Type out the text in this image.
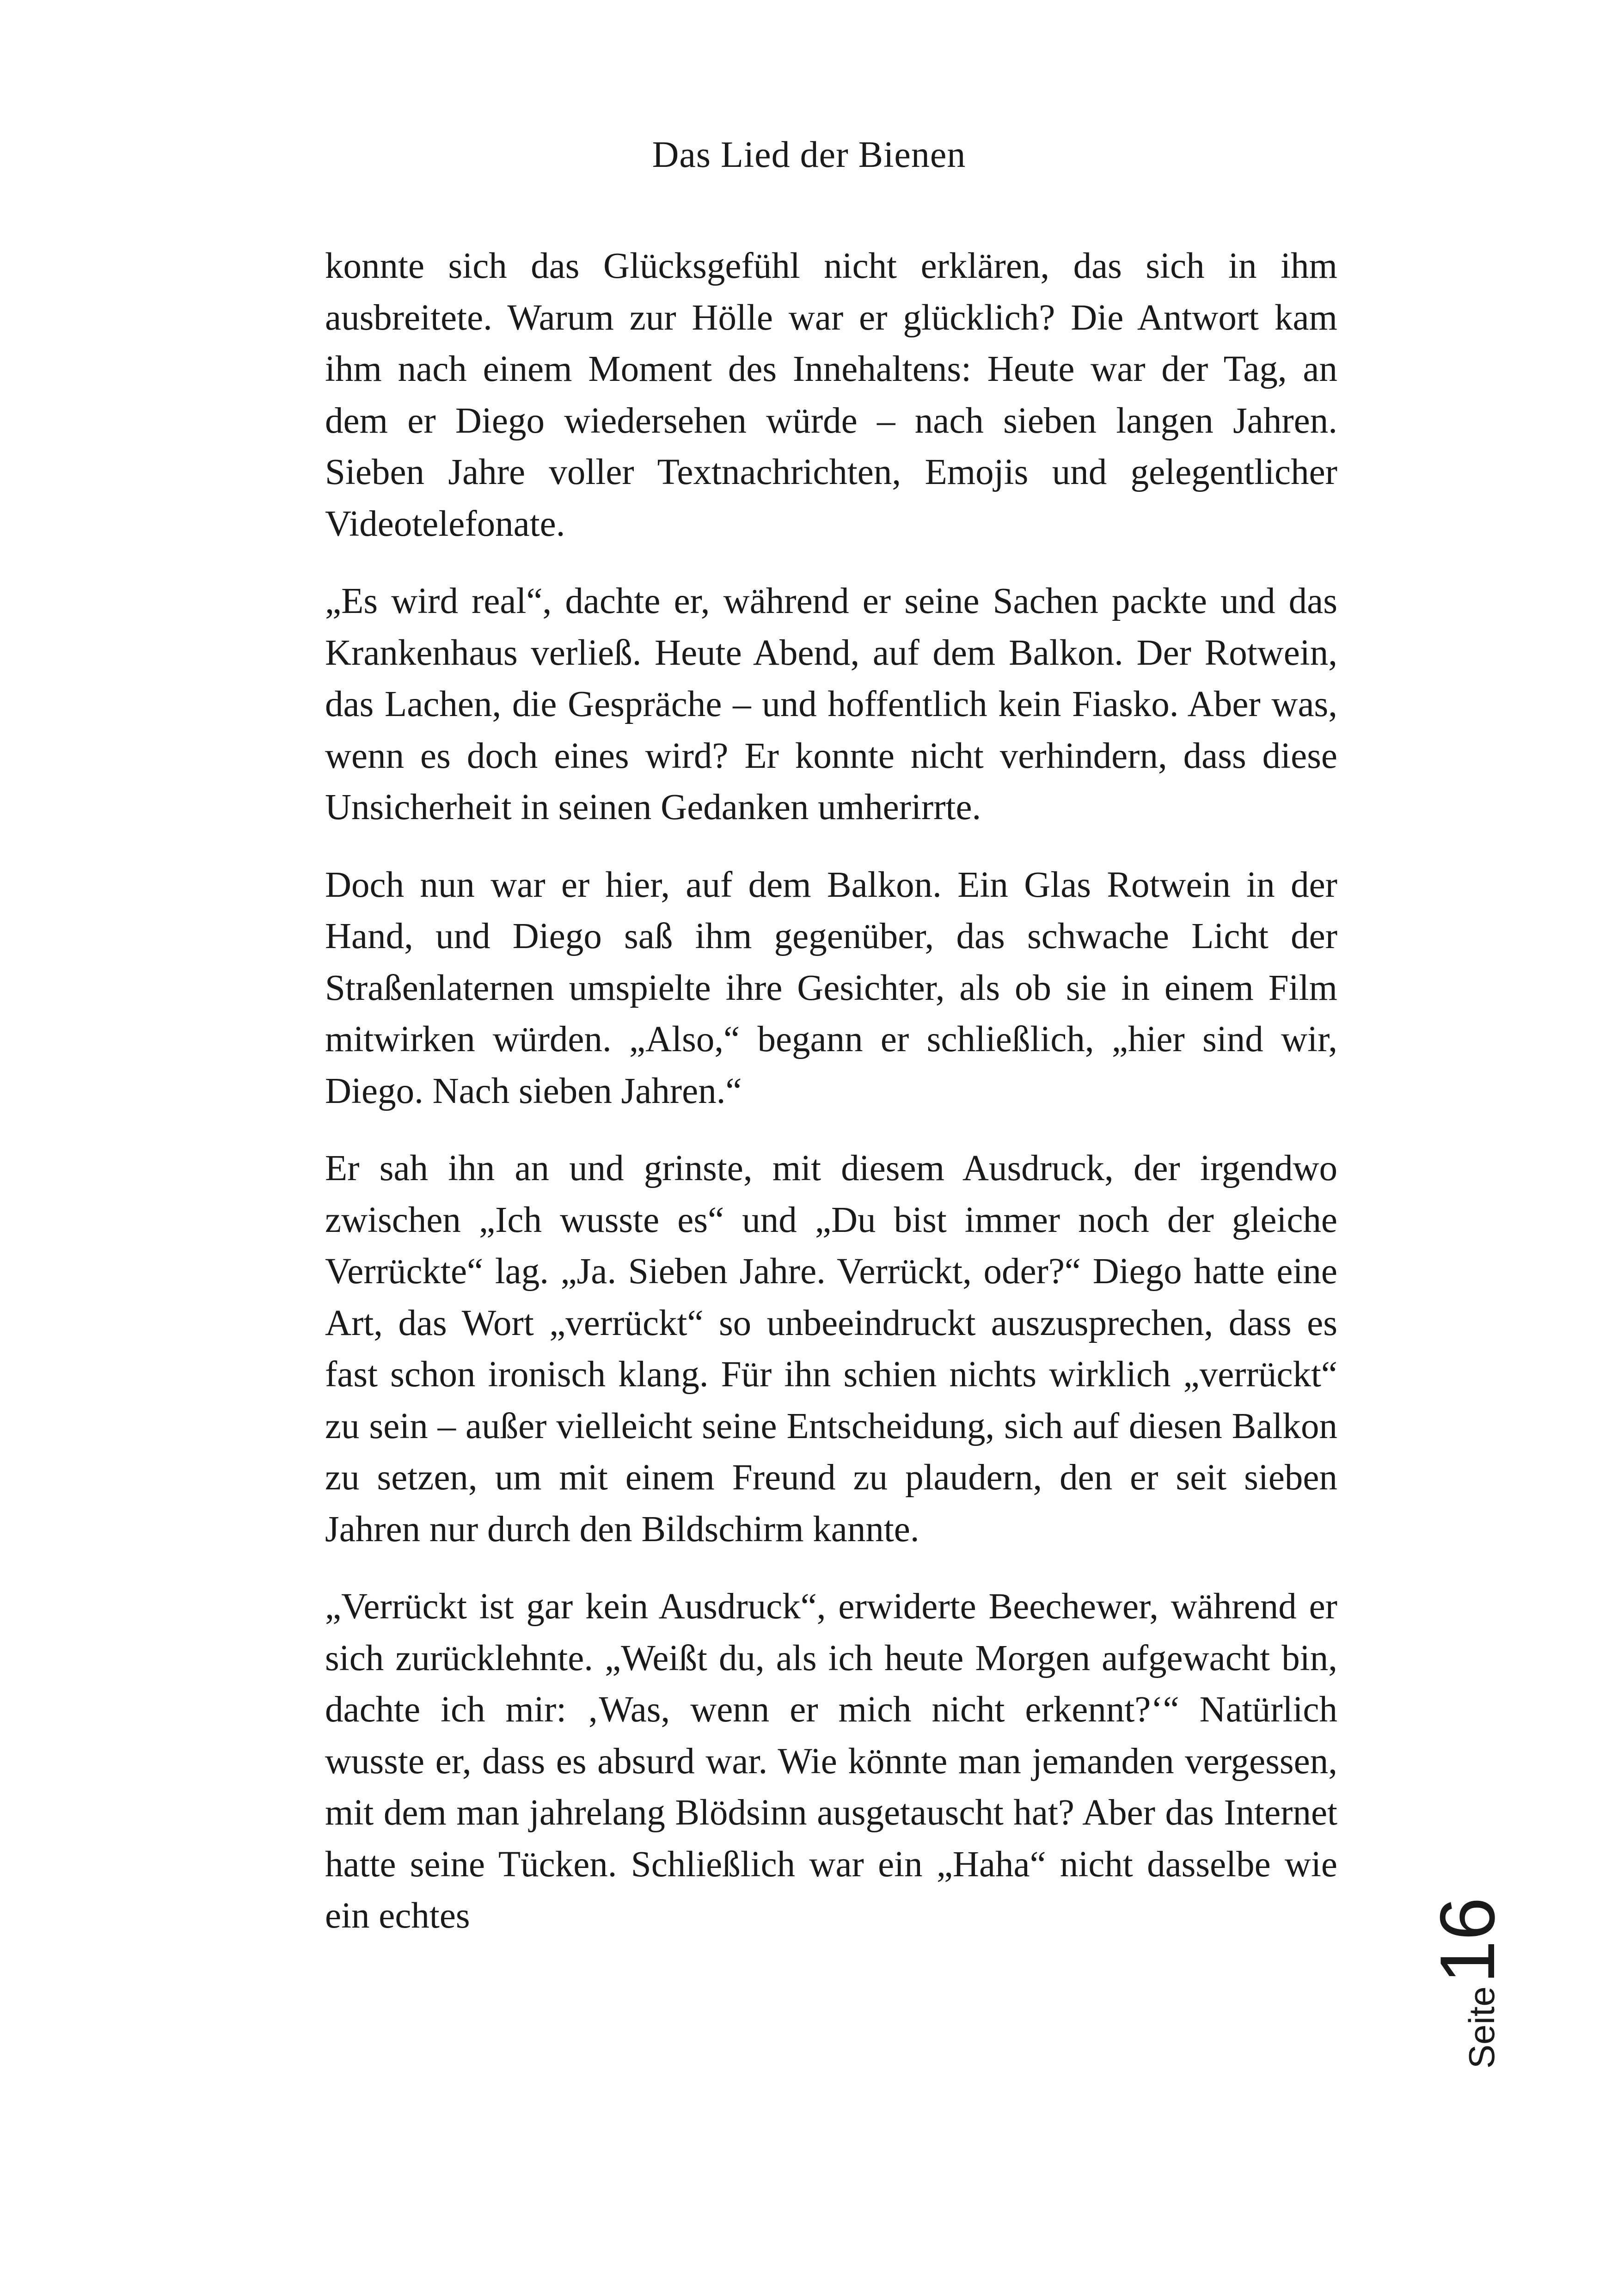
Das Lied der Bienen

konnte sich das Glücksgefühl nicht erklären, das sich in ihm ausbreitete. Warum zur Hölle war er glücklich? Die Antwort kam ihm nach einem Moment des Innehaltens: Heute war der Tag, an dem er Diego wiedersehen würde – nach sieben langen Jahren. Sieben Jahre voller Textnachrichten, Emojis und gelegentlicher Videotelefonate.

„Es wird real“, dachte er, während er seine Sachen packte und das Krankenhaus verließ. Heute Abend, auf dem Balkon. Der Rotwein, das Lachen, die Gespräche – und hoffentlich kein Fiasko. Aber was, wenn es doch eines wird? Er konnte nicht verhindern, dass diese Unsicherheit in seinen Gedanken umherirrte.

Doch nun war er hier, auf dem Balkon. Ein Glas Rotwein in der Hand, und Diego saß ihm gegenüber, das schwache Licht der Straßenlaternen umspielte ihre Gesichter, als ob sie in einem Film mitwirken würden. „Also,“ begann er schließlich, „hier sind wir, Diego. Nach sieben Jahren.“

Er sah ihn an und grinste, mit diesem Ausdruck, der irgendwo zwischen „Ich wusste es“ und „Du bist immer noch der gleiche Verrückte“ lag. „Ja. Sieben Jahre. Verrückt, oder?“ Diego hatte eine Art, das Wort „verrückt“ so unbeeindruckt auszusprechen, dass es fast schon ironisch klang. Für ihn schien nichts wirklich „verrückt“ zu sein – außer vielleicht seine Entscheidung, sich auf diesen Balkon zu setzen, um mit einem Freund zu plaudern, den er seit sieben Jahren nur durch den Bildschirm kannte.

„Verrückt ist gar kein Ausdruck“, erwiderte Beechewer, während er sich zurücklehnte. „Weißt du, als ich heute Morgen aufgewacht bin, dachte ich mir: ‚Was, wenn er mich nicht erkennt?‘“ Natürlich wusste er, dass es absurd war. Wie könnte man jemanden vergessen, mit dem man jahrelang Blödsinn ausgetauscht hat? Aber das Internet hatte seine Tücken. Schließlich war ein „Haha“ nicht dasselbe wie ein echtes

Seite
16
